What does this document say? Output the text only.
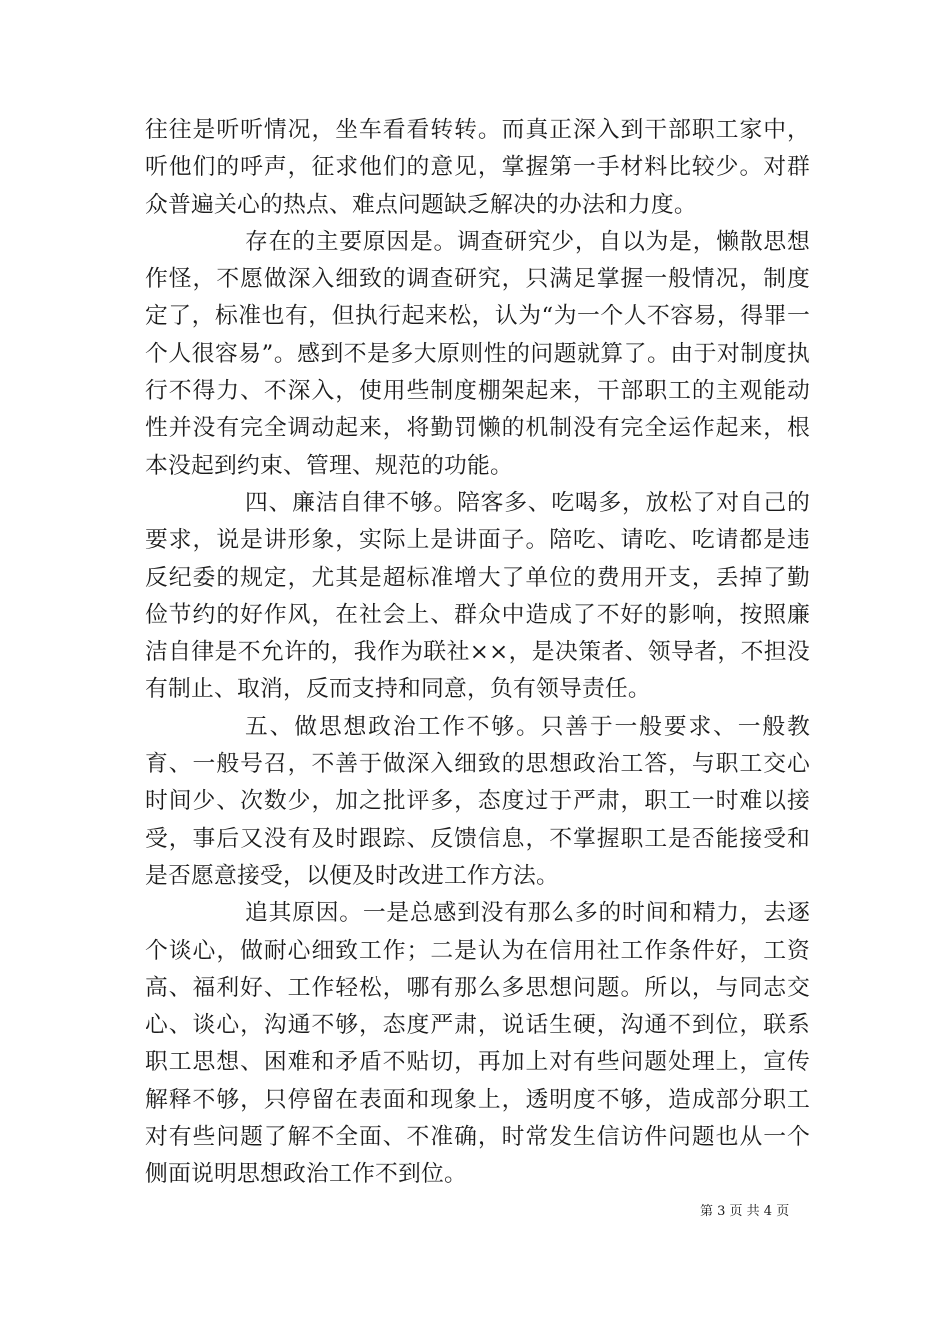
往往是听听情况，坐车看看转转。而真正深入到干部职工家中，听他们的呼声，征求他们的意见，掌握第一手材料比较少。对群众普遍关心的热点、难点问题缺乏解决的办法和力度。

存在的主要原因是。调查研究少，自以为是，懒散思想作怪，不愿做深入细致的调查研究，只满足掌握一般情况，制度定了，标准也有，但执行起来松，认为“为一个人不容易，得罪一个人很容易”。感到不是多大原则性的问题就算了。由于对制度执行不得力、不深入，使用些制度棚架起来，干部职工的主观能动性并没有完全调动起来，将勤罚懒的机制没有完全运作起来，根本没起到约束、管理、规范的功能。

四、廉洁自律不够。陪客多、吃喝多，放松了对自己的要求，说是讲形象，实际上是讲面子。陪吃、请吃、吃请都是违反纪委的规定，尤其是超标准增大了单位的费用开支，丢掉了勤俭节约的好作风，在社会上、群众中造成了不好的影响，按照廉洁自律是不允许的，我作为联社××，是决策者、领导者，不担没有制止、取消，反而支持和同意，负有领导责任。

五、做思想政治工作不够。只善于一般要求、一般教育、一般号召，不善于做深入细致的思想政治工答，与职工交心时间少、次数少，加之批评多，态度过于严肃，职工一时难以接受，事后又没有及时跟踪、反馈信息，不掌握职工是否能接受和是否愿意接受，以便及时改进工作方法。

追其原因。一是总感到没有那么多的时间和精力，去逐个谈心，做耐心细致工作；二是认为在信用社工作条件好，工资高、福利好、工作轻松，哪有那么多思想问题。所以，与同志交心、谈心，沟通不够，态度严肃，说话生硬，沟通不到位，联系职工思想、困难和矛盾不贴切，再加上对有些问题处理上，宣传解释不够，只停留在表面和现象上，透明度不够，造成部分职工对有些问题了解不全面、不准确，时常发生信访件问题也从一个侧面说明思想政治工作不到位。

第 3 页 共 4 页
